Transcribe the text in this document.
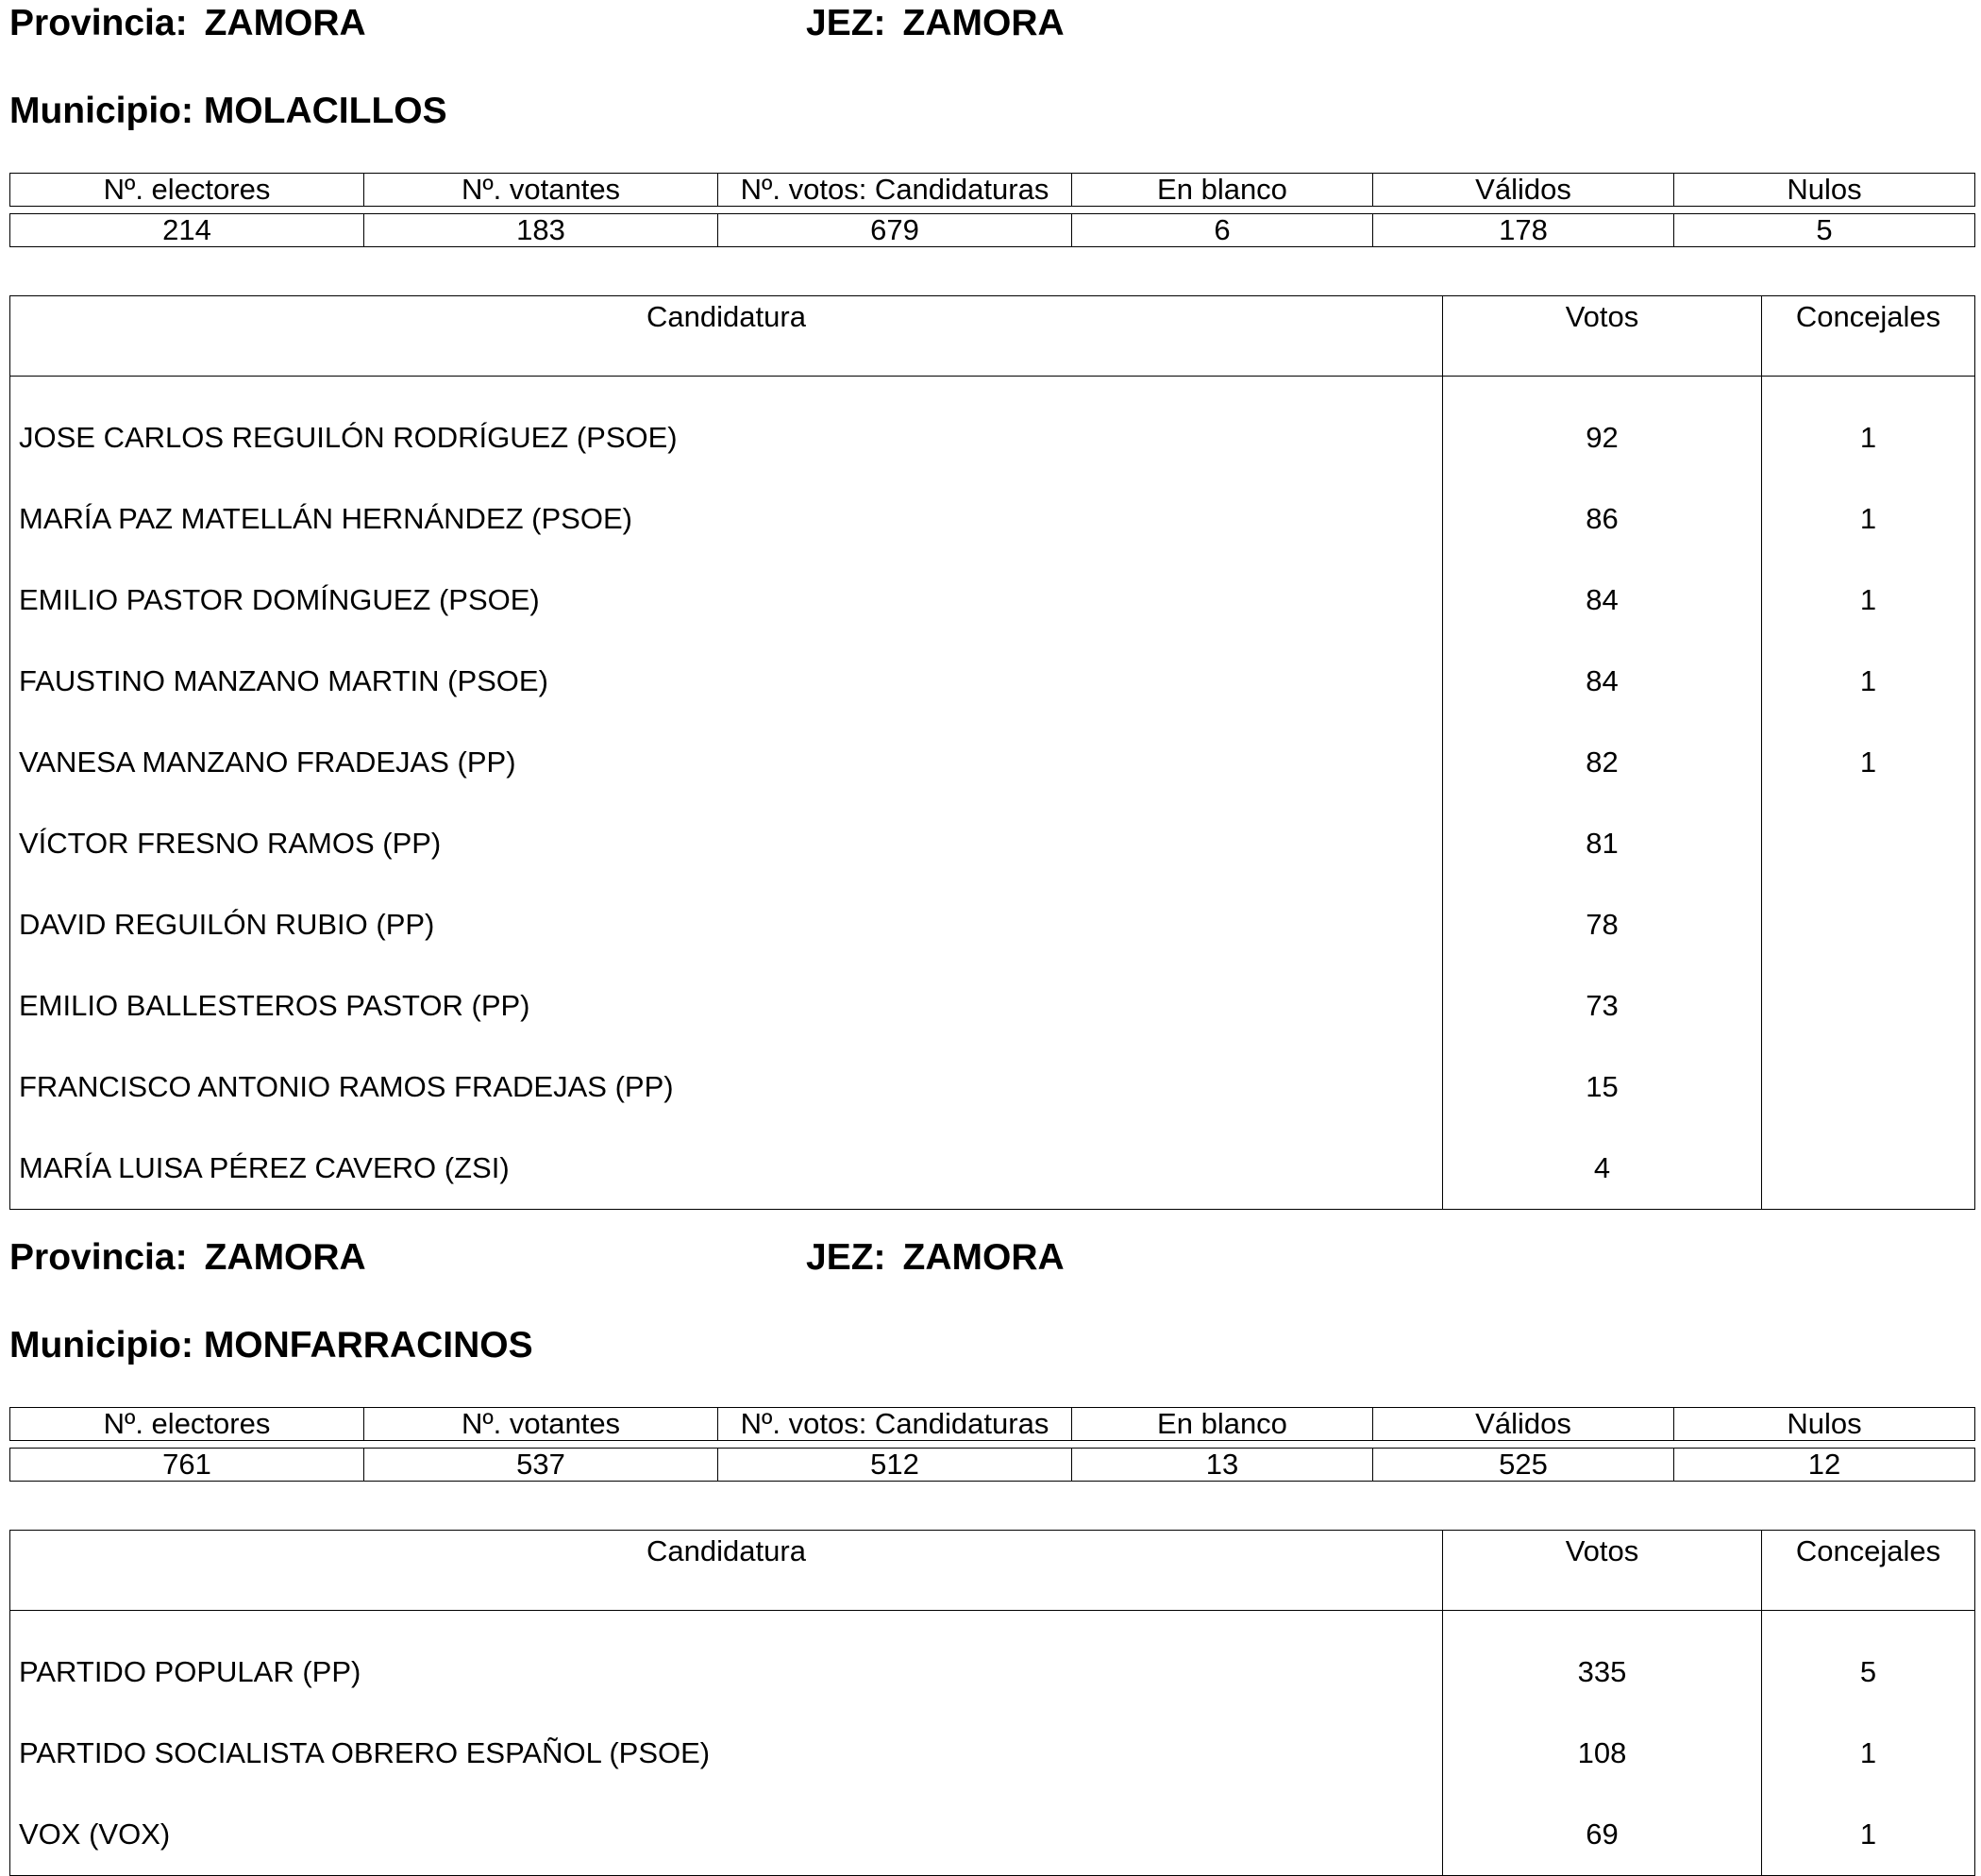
Provincia: ZAMORA	JEZ: ZAMORA
Municipio: MOLACILLOS
Nº. electores	Nº. votantes	Nº. votos: Candidaturas	En blanco	Válidos	Nulos
214	183	679	6	178	5
Candidatura	Votos	Concejales
JOSE CARLOS REGUILÓN RODRÍGUEZ (PSOE)	92	1
MARÍA PAZ MATELLÁN HERNÁNDEZ (PSOE)	86	1
EMILIO PASTOR DOMÍNGUEZ (PSOE)	84	1
FAUSTINO MANZANO MARTIN (PSOE)	84	1
VANESA MANZANO FRADEJAS (PP)	82	1
VÍCTOR FRESNO RAMOS (PP)	81	
DAVID REGUILÓN RUBIO (PP)	78	
EMILIO BALLESTEROS PASTOR (PP)	73	
FRANCISCO ANTONIO RAMOS FRADEJAS (PP)	15	
MARÍA LUISA PÉREZ CAVERO (ZSI)	4	
Provincia: ZAMORA	JEZ: ZAMORA
Municipio: MONFARRACINOS
Nº. electores	Nº. votantes	Nº. votos: Candidaturas	En blanco	Válidos	Nulos
761	537	512	13	525	12
Candidatura	Votos	Concejales
PARTIDO POPULAR (PP)	335	5
PARTIDO SOCIALISTA OBRERO ESPAÑOL (PSOE)	108	1
VOX (VOX)	69	1
